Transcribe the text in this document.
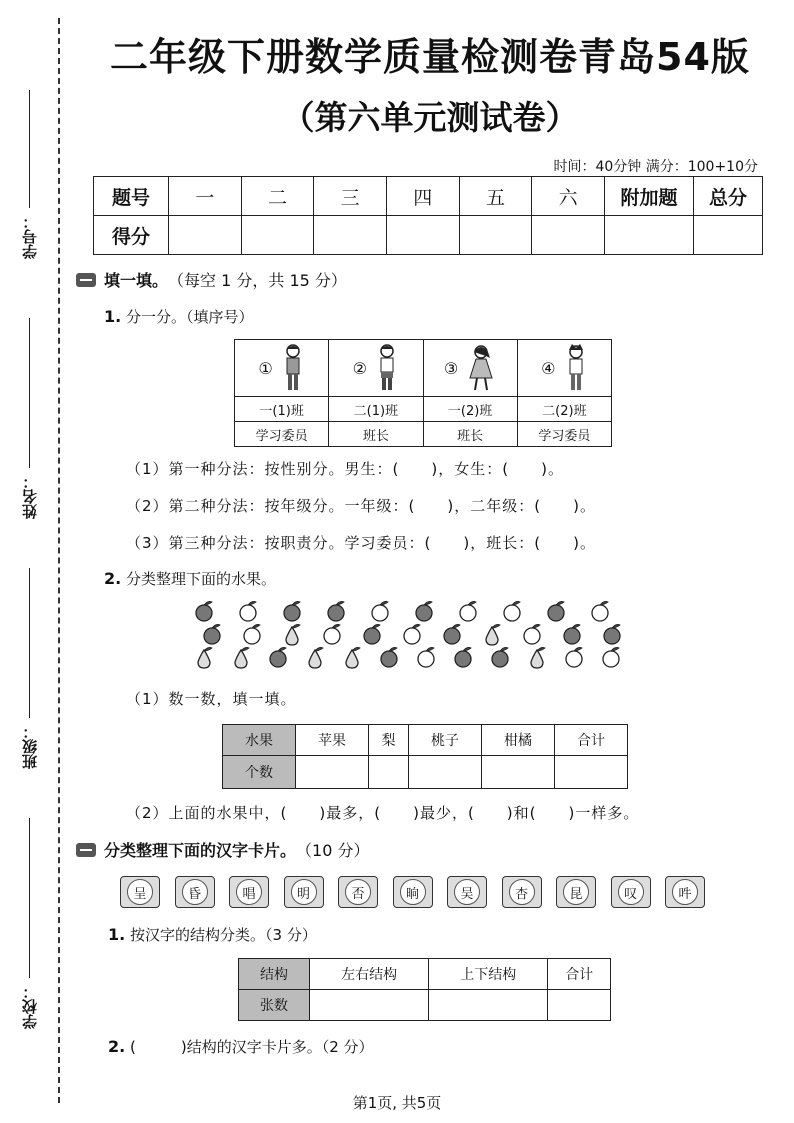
学号：
姓名：
班级：
学校：
二年级下册数学质量检测卷青岛54版
（第六单元测试卷）
时间：40分钟 满分：100+10分
题号	一	二	三	四	五	六	附加题	总分
得分								
填一填。 （每空 1 分，共 15 分）
1. 分一分。（填序号）
①	②	③	④
一(1)班	二(1)班	一(2)班	二(2)班
学习委员	班长	班长	学习委员
（1）第一种分法：按性别分。男生：(　　)，女生：(　　)。
（2）第二种分法：按年级分。一年级：(　　)，二年级：(　　)。
（3）第三种分法：按职责分。学习委员：(　　)，班长：(　　)。
2. 分类整理下面的水果。
（1）数一数，填一填。
水果	苹果	梨	桃子	柑橘	合计
个数					
（2）上面的水果中，(　　)最多，(　　)最少，(　　)和(　　)一样多。
分类整理下面的汉字卡片。 （10 分）
呈	昏	唱	明	否	晌	吴	杏	昆	叹	吽
1. 按汉字的结构分类。（3 分）
结构	左右结构	上下结构	合计
张数			
2. (　　　)结构的汉字卡片多。（2 分）
第1页, 共5页
